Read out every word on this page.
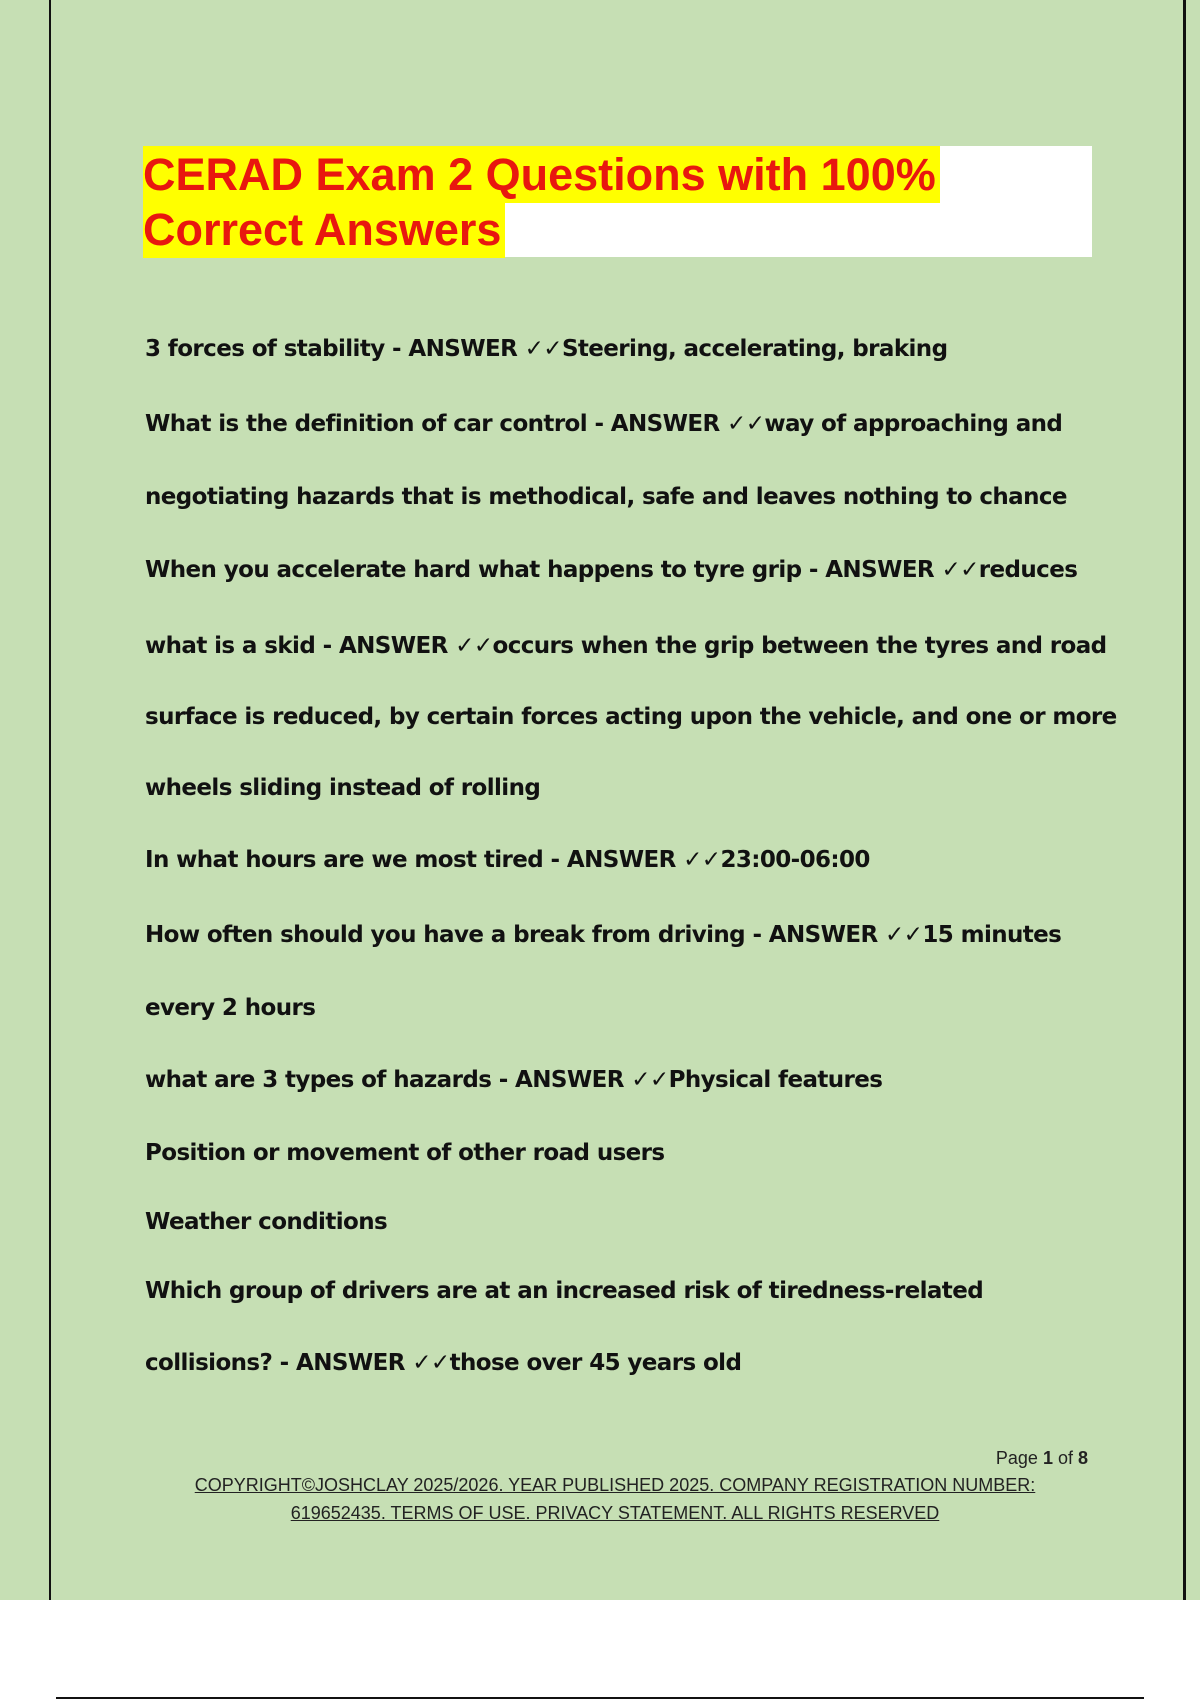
CERAD Exam 2 Questions with 100%
Correct Answers
Page 1 of 8
COPYRIGHT©JOSHCLAY 2025/2026. YEAR PUBLISHED 2025. COMPANY REGISTRATION NUMBER:
619652435. TERMS OF USE. PRIVACY STATEMENT. ALL RIGHTS RESERVED
3 forces of stability - ANSWER ✓✓Steering, accelerating, braking
What is the definition of car control - ANSWER ✓✓way of approaching and
negotiating hazards that is methodical, safe and leaves nothing to chance
When you accelerate hard what happens to tyre grip - ANSWER ✓✓reduces
what is a skid - ANSWER ✓✓occurs when the grip between the tyres and road
surface is reduced, by certain forces acting upon the vehicle, and one or more
wheels sliding instead of rolling
In what hours are we most tired - ANSWER ✓✓23:00-06:00
How often should you have a break from driving - ANSWER ✓✓15 minutes
every 2 hours
what are 3 types of hazards - ANSWER ✓✓Physical features
Position or movement of other road users
Weather conditions
Which group of drivers are at an increased risk of tiredness-related
collisions? - ANSWER ✓✓those over 45 years old
